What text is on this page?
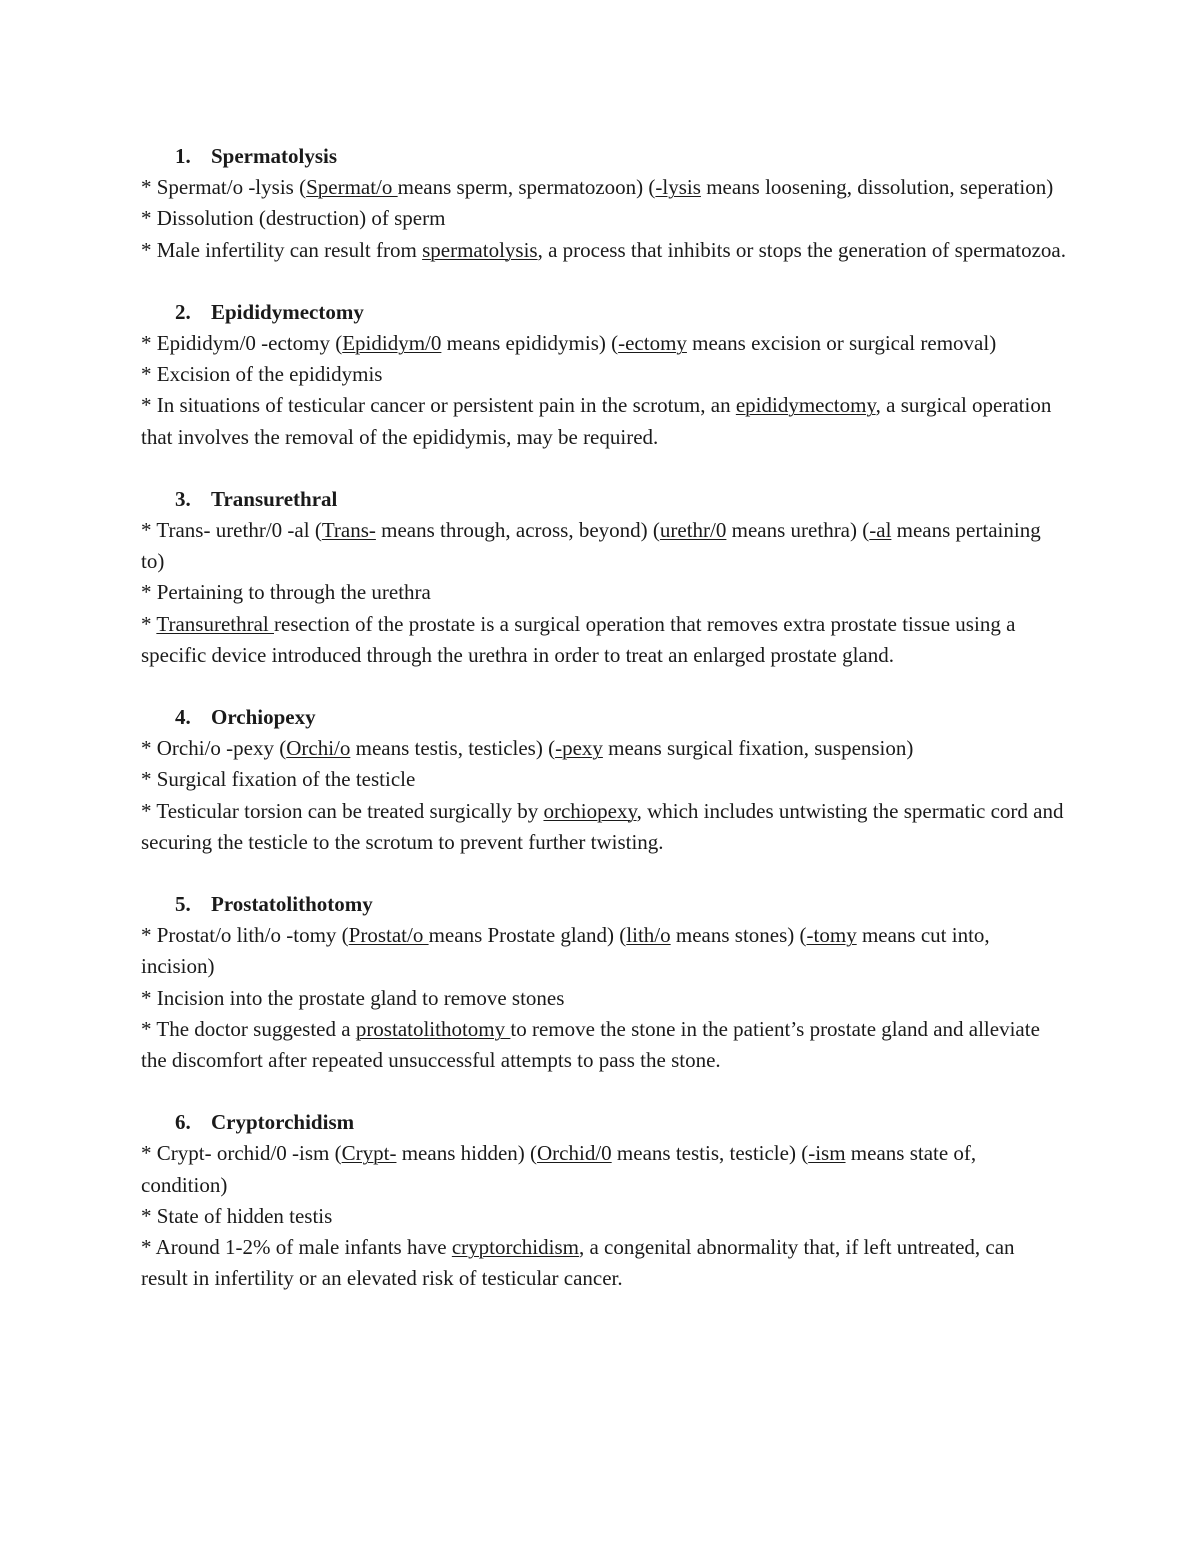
1. Spermatolysis

* Spermat/o -lysis (Spermat/o means sperm, spermatozoon) (-lysis means loosening, dissolution, seperation)

* Dissolution (destruction) of sperm

* Male infertility can result from spermatolysis, a process that inhibits or stops the generation of spermatozoa.

2. Epididymectomy

* Epididym/0 -ectomy (Epididym/0 means epididymis) (-ectomy means excision or surgical removal)

* Excision of the epididymis

* In situations of testicular cancer or persistent pain in the scrotum, an epididymectomy, a surgical operation that involves the removal of the epididymis, may be required.

3. Transurethral

* Trans- urethr/0 -al (Trans- means through, across, beyond) (urethr/0 means urethra) (-al means pertaining to)

* Pertaining to through the urethra

* Transurethral resection of the prostate is a surgical operation that removes extra prostate tissue using a specific device introduced through the urethra in order to treat an enlarged prostate gland.

4. Orchiopexy

* Orchi/o -pexy (Orchi/o means testis, testicles) (-pexy means surgical fixation, suspension)

* Surgical fixation of the testicle

* Testicular torsion can be treated surgically by orchiopexy, which includes untwisting the spermatic cord and securing the testicle to the scrotum to prevent further twisting.

5. Prostatolithotomy

* Prostat/o lith/o -tomy (Prostat/o means Prostate gland) (lith/o means stones) (-tomy means cut into, incision)

* Incision into the prostate gland to remove stones

* The doctor suggested a prostatolithotomy to remove the stone in the patient’s prostate gland and alleviate the discomfort after repeated unsuccessful attempts to pass the stone.

6. Cryptorchidism

* Crypt- orchid/0 -ism (Crypt- means hidden) (Orchid/0 means testis, testicle) (-ism means state of, condition)

* State of hidden testis

* Around 1-2% of male infants have cryptorchidism, a congenital abnormality that, if left untreated, can result in infertility or an elevated risk of testicular cancer.
